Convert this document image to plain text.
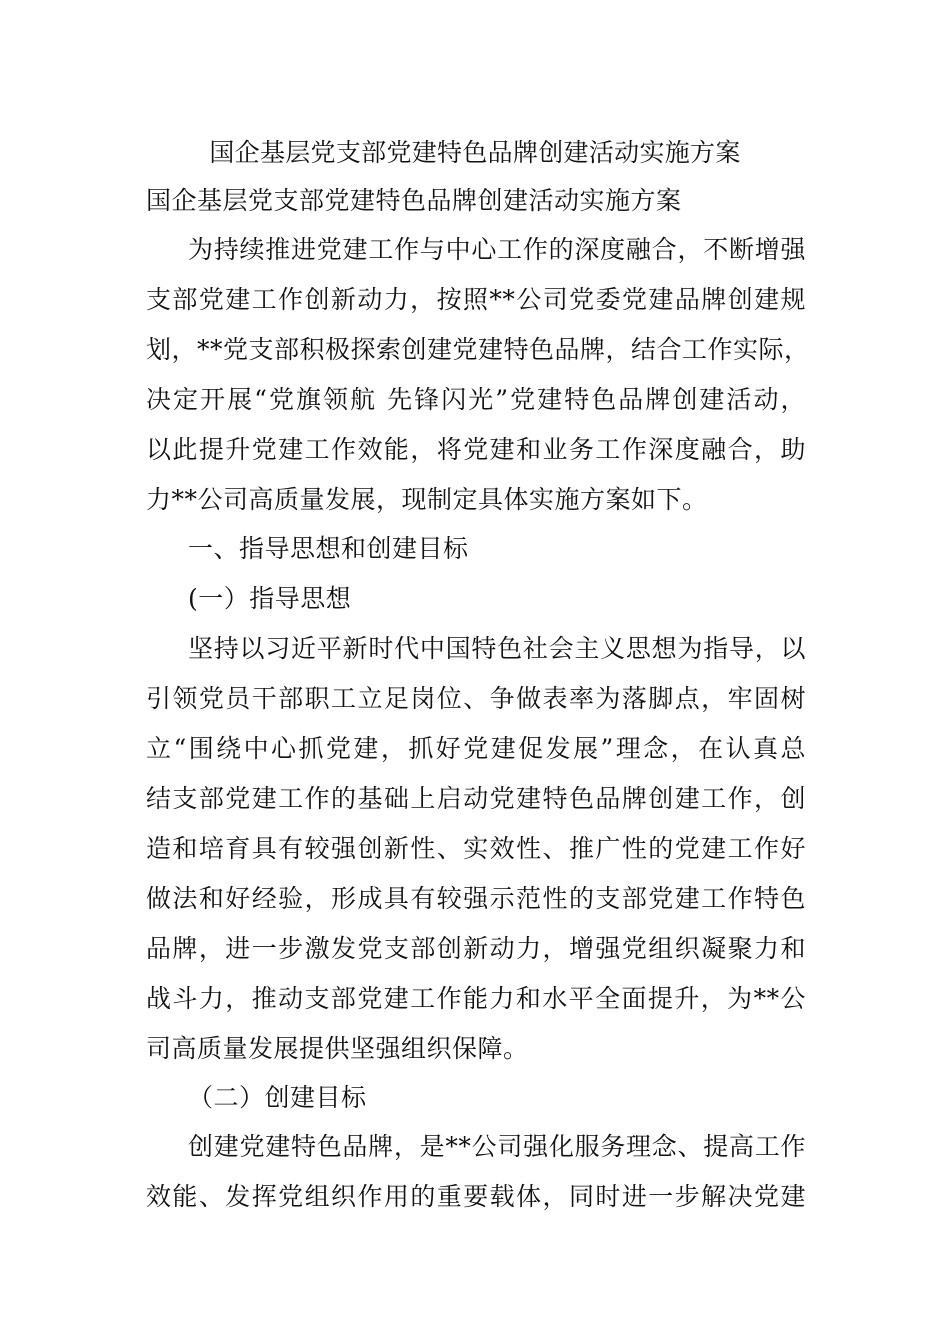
国企基层党支部党建特色品牌创建活动实施方案
国企基层党支部党建特色品牌创建活动实施方案
为持续推进党建工作与中心工作的深度融合，不断增强
支部党建工作创新动力，按照**公司党委党建品牌创建规
划，**党支部积极探索创建党建特色品牌，结合工作实际，
决定开展“党旗领航 先锋闪光”党建特色品牌创建活动，
以此提升党建工作效能，将党建和业务工作深度融合，助
力**公司高质量发展，现制定具体实施方案如下。
一、指导思想和创建目标
(一）指导思想
坚持以习近平新时代中国特色社会主义思想为指导，以
引领党员干部职工立足岗位、争做表率为落脚点，牢固树
立“围绕中心抓党建，抓好党建促发展”理念，在认真总
结支部党建工作的基础上启动党建特色品牌创建工作，创
造和培育具有较强创新性、实效性、推广性的党建工作好
做法和好经验，形成具有较强示范性的支部党建工作特色
品牌，进一步激发党支部创新动力，增强党组织凝聚力和
战斗力，推动支部党建工作能力和水平全面提升，为**公
司高质量发展提供坚强组织保障。
（二）创建目标
创建党建特色品牌，是**公司强化服务理念、提高工作
效能、发挥党组织作用的重要载体，同时进一步解决党建
